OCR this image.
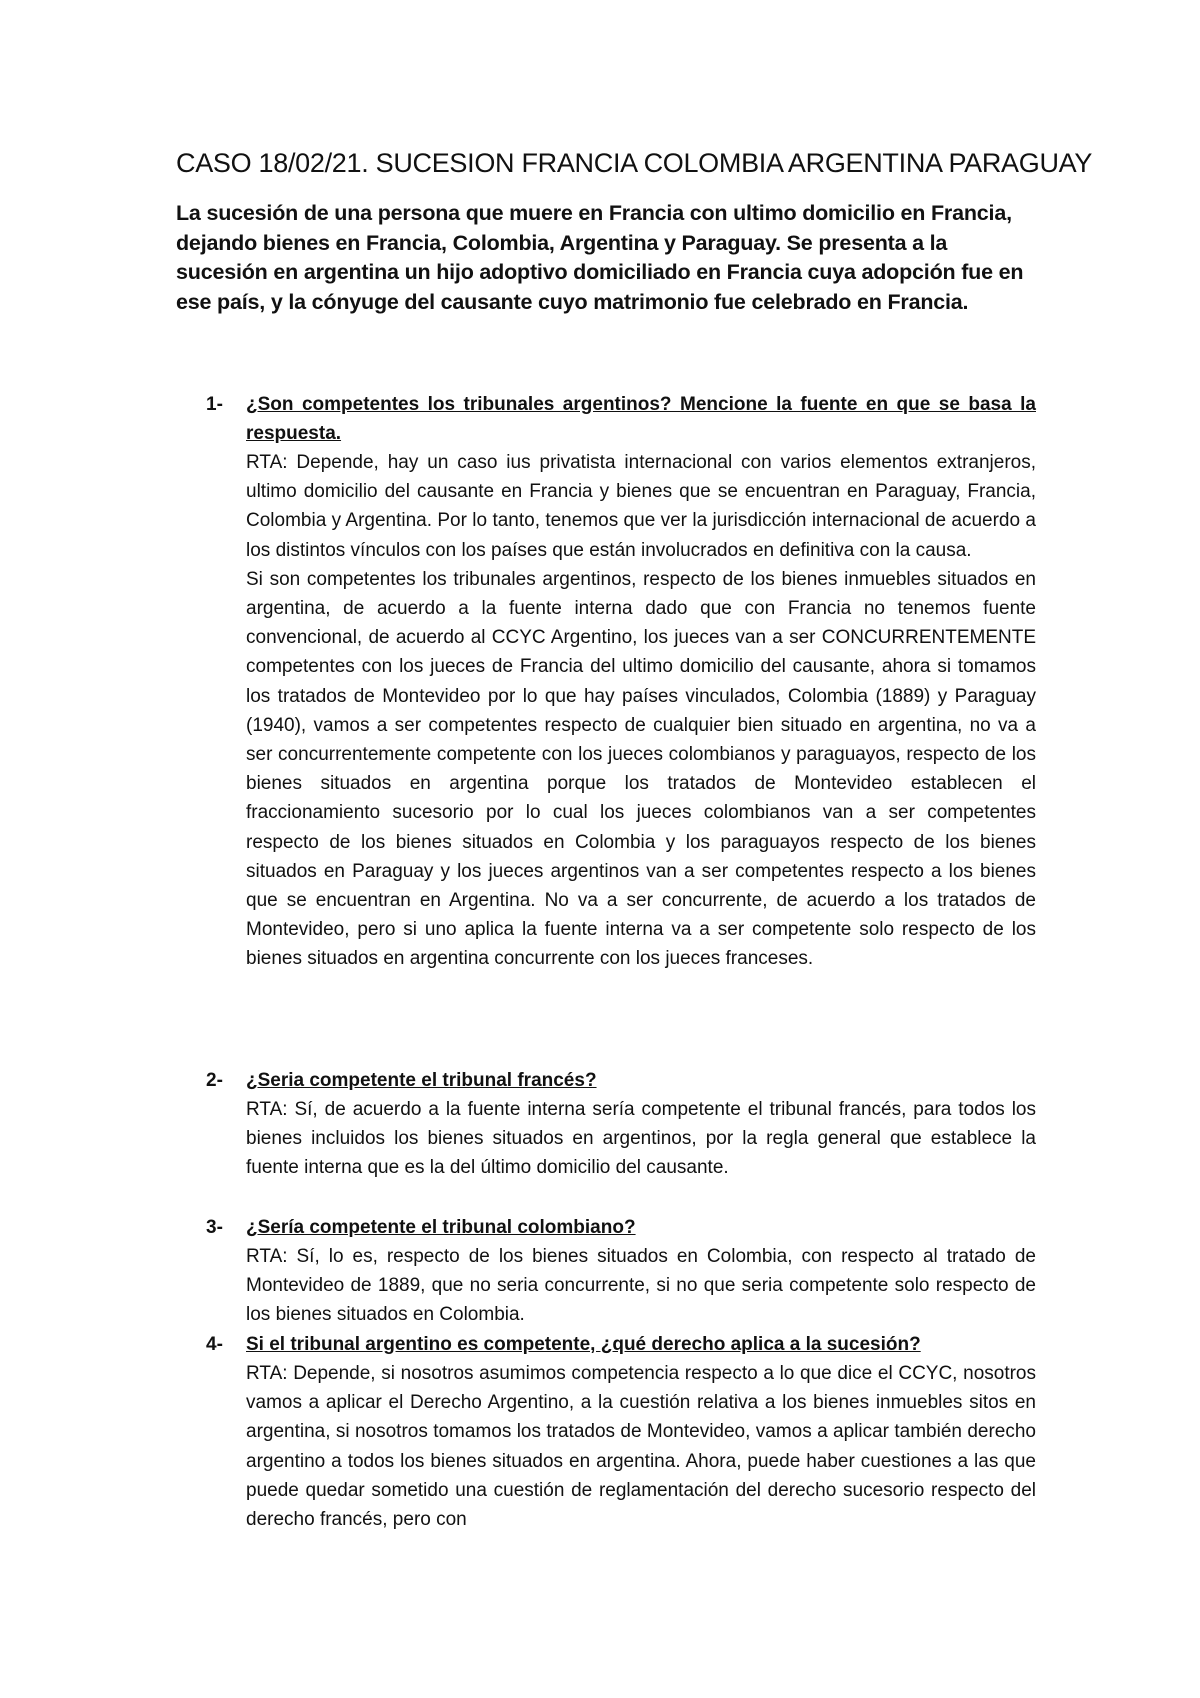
CASO 18/02/21. SUCESION FRANCIA COLOMBIA ARGENTINA PARAGUAY

La sucesión de una persona que muere en Francia con ultimo domicilio en Francia, dejando bienes en Francia, Colombia, Argentina y Paraguay. Se presenta a la sucesión en argentina un hijo adoptivo domiciliado en Francia cuya adopción fue en ese país, y la cónyuge del causante cuyo matrimonio fue celebrado en Francia.

1- ¿Son competentes los tribunales argentinos? Mencione la fuente en que se basa la respuesta.

RTA: Depende, hay un caso ius privatista internacional con varios elementos extranjeros, ultimo domicilio del causante en Francia y bienes que se encuentran en Paraguay, Francia, Colombia y Argentina. Por lo tanto, tenemos que ver la jurisdicción internacional de acuerdo a los distintos vínculos con los países que están involucrados en definitiva con la causa.

Si son competentes los tribunales argentinos, respecto de los bienes inmuebles situados en argentina, de acuerdo a la fuente interna dado que con Francia no tenemos fuente convencional, de acuerdo al CCYC Argentino, los jueces van a ser CONCURRENTEMENTE competentes con los jueces de Francia del ultimo domicilio del causante, ahora si tomamos los tratados de Montevideo por lo que hay países vinculados, Colombia (1889) y Paraguay (1940), vamos a ser competentes respecto de cualquier bien situado en argentina, no va a ser concurrentemente competente con los jueces colombianos y paraguayos, respecto de los bienes situados en argentina porque los tratados de Montevideo establecen el fraccionamiento sucesorio por lo cual los jueces colombianos van a ser competentes respecto de los bienes situados en Colombia y los paraguayos respecto de los bienes situados en Paraguay y los jueces argentinos van a ser competentes respecto a los bienes que se encuentran en Argentina. No va a ser concurrente, de acuerdo a los tratados de Montevideo, pero si uno aplica la fuente interna va a ser competente solo respecto de los bienes situados en argentina concurrente con los jueces franceses.

2- ¿Seria competente el tribunal francés?

RTA: Sí, de acuerdo a la fuente interna sería competente el tribunal francés, para todos los bienes incluidos los bienes situados en argentinos, por la regla general que establece la fuente interna que es la del último domicilio del causante.

3- ¿Sería competente el tribunal colombiano?

RTA: Sí, lo es, respecto de los bienes situados en Colombia, con respecto al tratado de Montevideo de 1889, que no seria concurrente, si no que seria competente solo respecto de los bienes situados en Colombia.

4- Si el tribunal argentino es competente, ¿qué derecho aplica a la sucesión?

RTA: Depende, si nosotros asumimos competencia respecto a lo que dice el CCYC, nosotros vamos a aplicar el Derecho Argentino, a la cuestión relativa a los bienes inmuebles sitos en argentina, si nosotros tomamos los tratados de Montevideo, vamos a aplicar también derecho argentino a todos los bienes situados en argentina. Ahora, puede haber cuestiones a las que puede quedar sometido una cuestión de reglamentación del derecho sucesorio respecto del derecho francés, pero con
